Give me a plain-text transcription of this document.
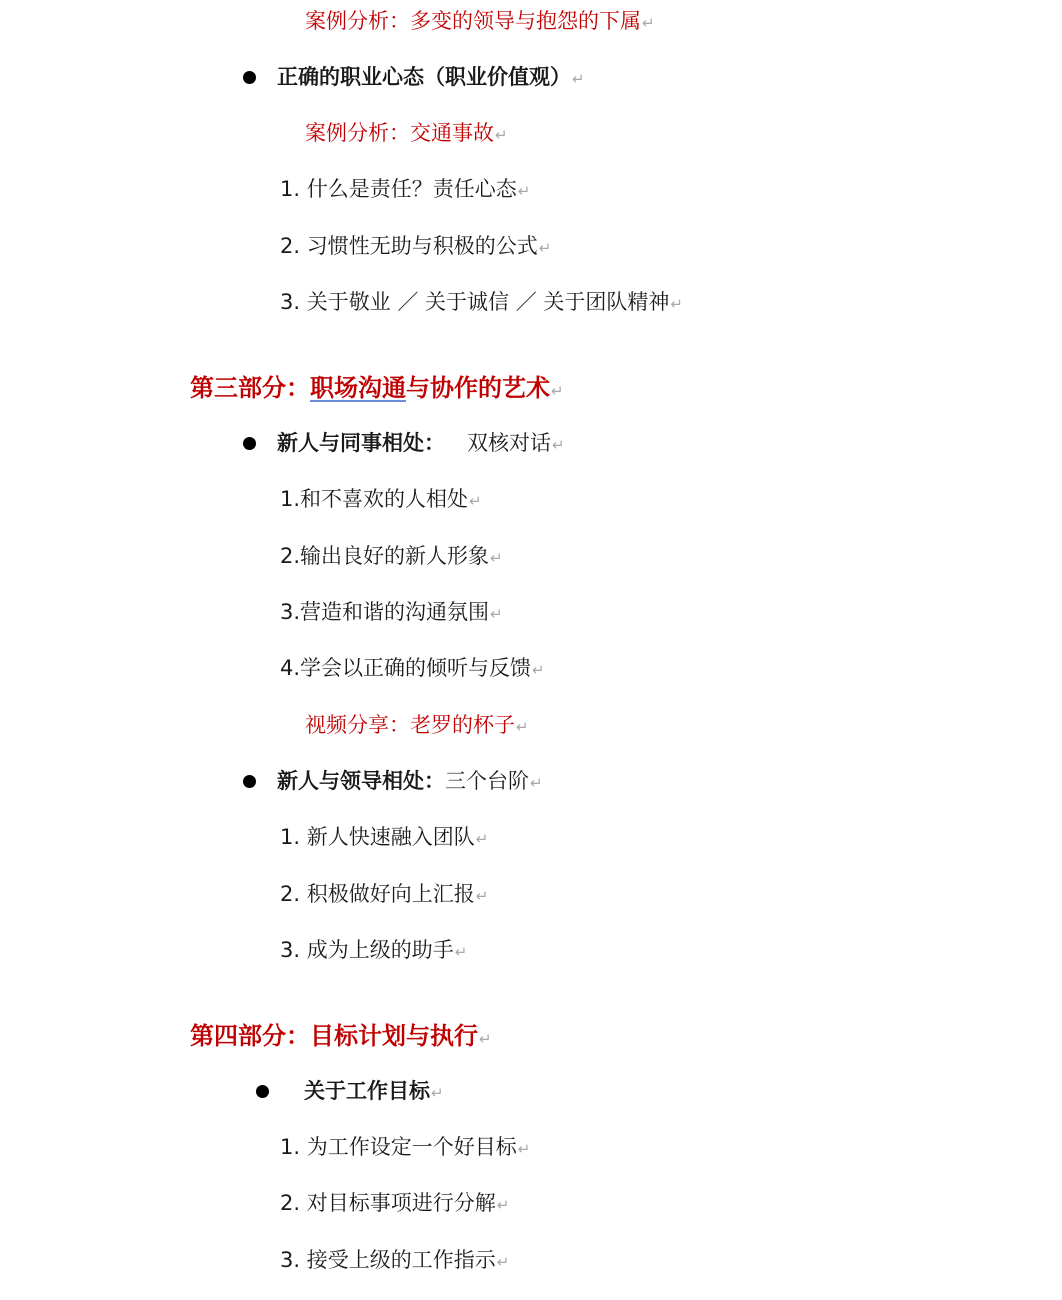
案例分析：多变的领导与抱怨的下属↵
正确的职业心态（职业价值观）↵
案例分析：交通事故↵
1. 什么是责任？责任心态↵
2. 习惯性无助与积极的公式↵
3. 关于敬业 ／ 关于诚信 ／ 关于团队精神↵
第三部分：职场沟通与协作的艺术↵
新人与同事相处： 双核对话↵
1.和不喜欢的人相处↵
2.输出良好的新人形象↵
3.营造和谐的沟通氛围↵
4.学会以正确的倾听与反馈↵
视频分享：老罗的杯子↵
新人与领导相处：三个台阶↵
1. 新人快速融入团队↵
2. 积极做好向上汇报↵
3. 成为上级的助手↵
第四部分：目标计划与执行↵
关于工作目标↵
1. 为工作设定一个好目标↵
2. 对目标事项进行分解↵
3. 接受上级的工作指示↵
